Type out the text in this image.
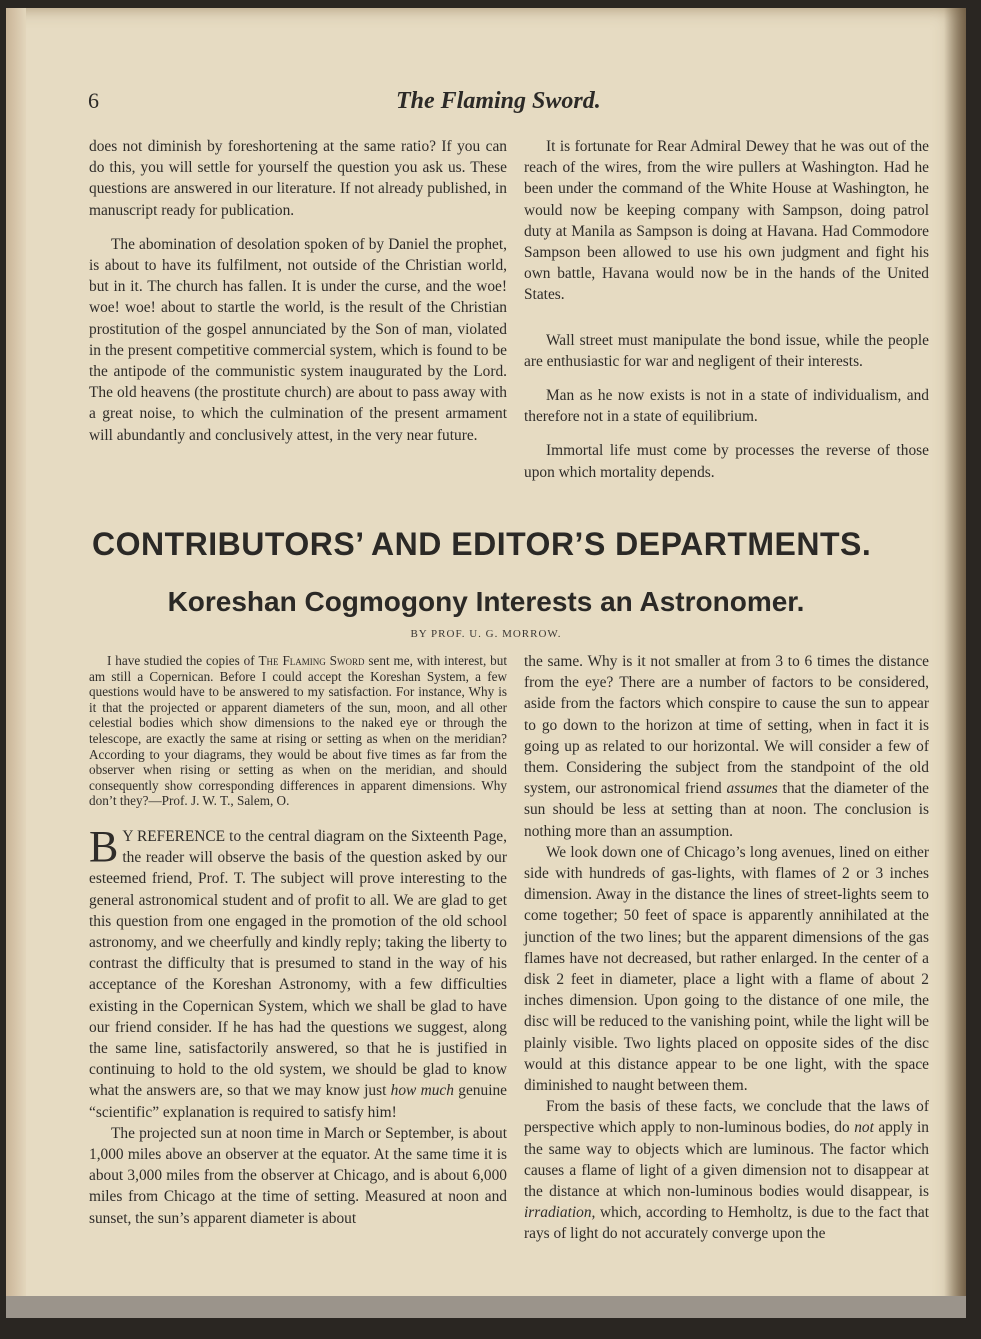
6	The Flaming Sword.

does not diminish by foreshortening at the same ratio? If you can do this, you will settle for yourself the question you ask us. These questions are answered in our literature. If not already published, in manuscript ready for publication.

The abomination of desolation spoken of by Daniel the prophet, is about to have its fulfilment, not outside of the Christian world, but in it. The church has fallen. It is under the curse, and the woe! woe! woe! about to startle the world, is the result of the Christian prostitution of the gospel annunciated by the Son of man, violated in the present competitive commercial system, which is found to be the antipode of the communistic system inaugurated by the Lord. The old heavens (the prostitute church) are about to pass away with a great noise, to which the culmination of the present armament will abundantly and conclusively attest, in the very near future.

It is fortunate for Rear Admiral Dewey that he was out of the reach of the wires, from the wire pullers at Washington. Had he been under the command of the White House at Washington, he would now be keeping company with Sampson, doing patrol duty at Manila as Sampson is doing at Havana. Had Commodore Sampson been allowed to use his own judgment and fight his own battle, Havana would now be in the hands of the United States.

Wall street must manipulate the bond issue, while the people are enthusiastic for war and negligent of their interests.

Man as he now exists is not in a state of individualism, and therefore not in a state of equilibrium.

Immortal life must come by processes the reverse of those upon which mortality depends.

CONTRIBUTORS’ AND EDITOR’S DEPARTMENTS.
Koreshan Cogmogony Interests an Astronomer.
BY PROF. U. G. MORROW.

I have studied the copies of The Flaming Sword sent me, with interest, but am still a Copernican. Before I could accept the Koreshan System, a few questions would have to be answered to my satisfaction. For instance, Why is it that the projected or apparent diameters of the sun, moon, and all other celestial bodies which show dimensions to the naked eye or through the telescope, are exactly the same at rising or setting as when on the meridian? According to your diagrams, they would be about five times as far from the observer when rising or setting as when on the meridian, and should consequently show corresponding differences in apparent dimensions. Why don’t they?—Prof. J. W. T., Salem, O.

B Y REFERENCE to the central diagram on the Sixteenth Page, the reader will observe the basis of the question asked by our esteemed friend, Prof. T. The subject will prove interesting to the general astronomical student and of profit to all. We are glad to get this question from one engaged in the promotion of the old school astronomy, and we cheerfully and kindly reply; taking the liberty to contrast the difficulty that is presumed to stand in the way of his acceptance of the Koreshan Astronomy, with a few difficulties existing in the Copernican System, which we shall be glad to have our friend consider. If he has had the questions we suggest, along the same line, satisfactorily answered, so that he is justified in continuing to hold to the old system, we should be glad to know what the answers are, so that we may know just how much genuine “scientific” explanation is required to satisfy him!

The projected sun at noon time in March or September, is about 1,000 miles above an observer at the equator. At the same time it is about 3,000 miles from the observer at Chicago, and is about 6,000 miles from Chicago at the time of setting. Measured at noon and sunset, the sun’s apparent diameter is about

the same. Why is it not smaller at from 3 to 6 times the distance from the eye? There are a number of factors to be considered, aside from the factors which conspire to cause the sun to appear to go down to the horizon at time of setting, when in fact it is going up as related to our horizontal. We will consider a few of them. Considering the subject from the standpoint of the old system, our astronomical friend assumes that the diameter of the sun should be less at setting than at noon. The conclusion is nothing more than an assumption.

We look down one of Chicago’s long avenues, lined on either side with hundreds of gas-lights, with flames of 2 or 3 inches dimension. Away in the distance the lines of street-lights seem to come together; 50 feet of space is apparently annihilated at the junction of the two lines; but the apparent dimensions of the gas flames have not decreased, but rather enlarged. In the center of a disk 2 feet in diameter, place a light with a flame of about 2 inches dimension. Upon going to the distance of one mile, the disc will be reduced to the vanishing point, while the light will be plainly visible. Two lights placed on opposite sides of the disc would at this distance appear to be one light, with the space diminished to naught between them.

From the basis of these facts, we conclude that the laws of perspective which apply to non-luminous bodies, do not apply in the same way to objects which are luminous. The factor which causes a flame of light of a given dimension not to disappear at the distance at which non-luminous bodies would disappear, is irradiation, which, according to Hemholtz, is due to the fact that rays of light do not accurately converge upon the
